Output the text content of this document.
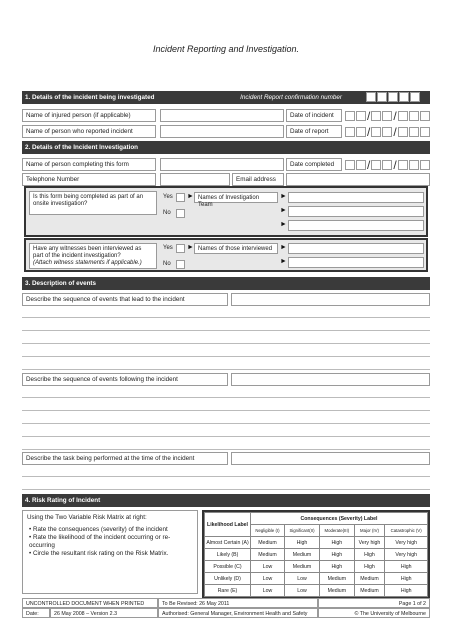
Incident Reporting and Investigation.
1. Details of the incident being investigated	Incident Report confirmation number
Name of injured person (if applicable)	Date of incident	/ /
Name of person who reported incident	Date of report	/ /
2. Details of the Incident Investigation
Name of person completing this form	Date completed	/ /
Telephone Number	Email address
Is this form being completed as part of an onsite investigation?
Yes
No
► Names of Investigation Team
►
►
►
Have any witnesses been interviewed as part of the incident investigation?
(Attach witness statements if applicable.)
Yes
No
► Names of those interviewed	►
►
3. Description of events
Describe the sequence of events that lead to the incident
Describe the sequence of events following the incident
Describe the task being performed at the time of the incident
4. Risk Rating of Incident
Using the Two Variable Risk Matrix at right:
• Rate the consequences (severity) of the incident
• Rate the likelihood of the incident occurring or re-occurring
• Circle the resultant risk rating on the Risk Matrix.
Likelihood Label	Consequences (Severity) Label				
	Negligible (I)	Significant(II)	Moderate(III)	Major (IV)	Catastrophic (V)
Almost Certain (A)	Medium	High	High	Very high	Very high
Likely (B)	Medium	Medium	High	High	Very high
Possible (C)	Low	Medium	High	High	High
Unlikely (D)	Low	Low	Medium	Medium	High
Rare (E)	Low	Low	Medium	Medium	High
UNCONTROLLED DOCUMENT WHEN PRINTED	To Be Revised: 26 May 2011	Page 1 of 2
Date:	26 May 2008 – Version 2.3	Authorised: General Manager, Environment Health and Safety	© The University of Melbourne
